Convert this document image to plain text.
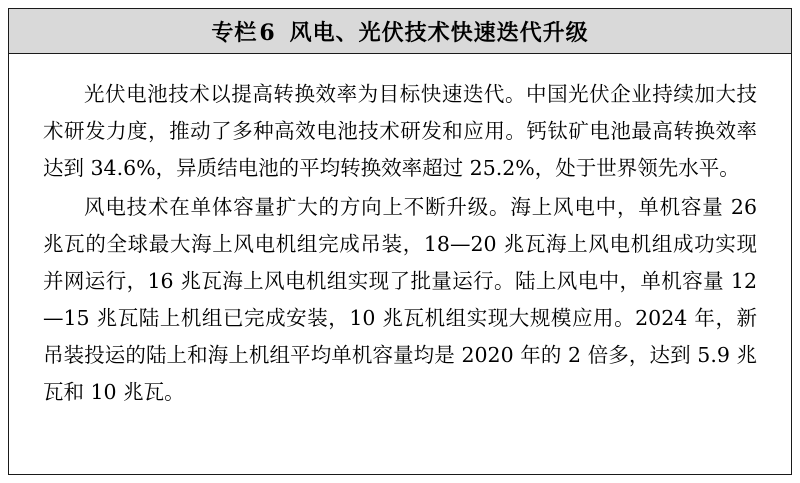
专栏6 风电、光伏技术快速迭代升级

光伏电池技术以提高转换效率为目标快速迭代。中国光伏企业持续加大技术研发力度，推动了多种高效电池技术研发和应用。钙钛矿电池最高转换效率达到 34.6%，异质结电池的平均转换效率超过 25.2%，处于世界领先水平。

风电技术在单体容量扩大的方向上不断升级。海上风电中，单机容量 26 兆瓦的全球最大海上风电机组完成吊装，18—20 兆瓦海上风电机组成功实现并网运行，16 兆瓦海上风电机组实现了批量运行。陆上风电中，单机容量 12—15 兆瓦陆上机组已完成安装，10 兆瓦机组实现大规模应用。2024 年，新吊装投运的陆上和海上机组平均单机容量均是 2020 年的 2 倍多，达到 5.9 兆瓦和 10 兆瓦。
